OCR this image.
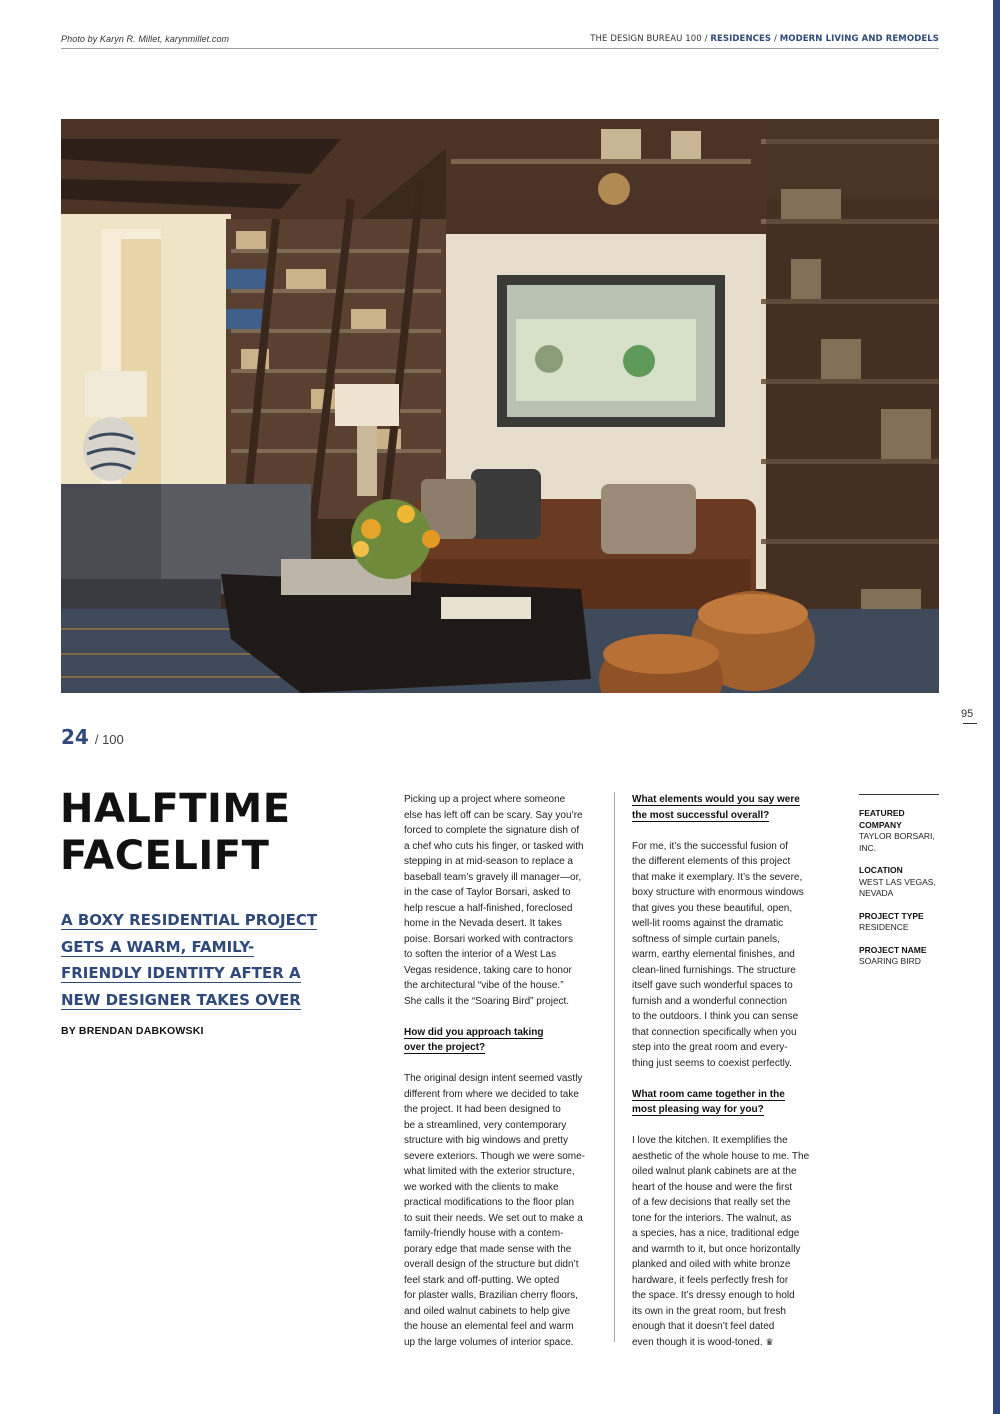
Photo by Karyn R. Millet, karynmillet.com	THE DESIGN BUREAU 100 / RESIDENCES / MODERN LIVING AND REMODELS
95
24 / 100
HALFTIME
FACELIFT
A BOXY RESIDENTIAL PROJECT
GETS A WARM, FAMILY-
FRIENDLY IDENTITY AFTER A
NEW DESIGNER TAKES OVER
BY BRENDAN DABKOWSKI
Picking up a project where someone
else has left off can be scary. Say you’re
forced to complete the signature dish of
a chef who cuts his finger, or tasked with
stepping in at mid-season to replace a
baseball team’s gravely ill manager—or,
in the case of Taylor Borsari, asked to
help rescue a half-finished, foreclosed
home in the Nevada desert. It takes
poise. Borsari worked with contractors
to soften the interior of a West Las
Vegas residence, taking care to honor
the architectural “vibe of the house.”
She calls it the “Soaring Bird” project.
How did you approach taking
over the project?
The original design intent seemed vastly
different from where we decided to take
the project. It had been designed to
be a streamlined, very contemporary
structure with big windows and pretty
severe exteriors. Though we were some-
what limited with the exterior structure,
we worked with the clients to make
practical modifications to the floor plan
to suit their needs. We set out to make a
family-friendly house with a contem-
porary edge that made sense with the
overall design of the structure but didn’t
feel stark and off-putting. We opted
for plaster walls, Brazilian cherry floors,
and oiled walnut cabinets to help give
the house an elemental feel and warm
up the large volumes of interior space.
What elements would you say were
the most successful overall?
For me, it’s the successful fusion of
the different elements of this project
that make it exemplary. It’s the severe,
boxy structure with enormous windows
that gives you these beautiful, open,
well-lit rooms against the dramatic
softness of simple curtain panels,
warm, earthy elemental finishes, and
clean-lined furnishings. The structure
itself gave such wonderful spaces to
furnish and a wonderful connection
to the outdoors. I think you can sense
that connection specifically when you
step into the great room and every-
thing just seems to coexist perfectly.
What room came together in the
most pleasing way for you?
I love the kitchen. It exemplifies the
aesthetic of the whole house to me. The
oiled walnut plank cabinets are at the
heart of the house and were the first
of a few decisions that really set the
tone for the interiors. The walnut, as
a species, has a nice, traditional edge
and warmth to it, but once horizontally
planked and oiled with white bronze
hardware, it feels perfectly fresh for
the space. It’s dressy enough to hold
its own in the great room, but fresh
enough that it doesn’t feel dated
even though it is wood-toned. ♛
FEATURED COMPANY
TAYLOR BORSARI,
INC.
LOCATION
WEST LAS VEGAS,
NEVADA
PROJECT TYPE
RESIDENCE
PROJECT NAME
SOARING BIRD
